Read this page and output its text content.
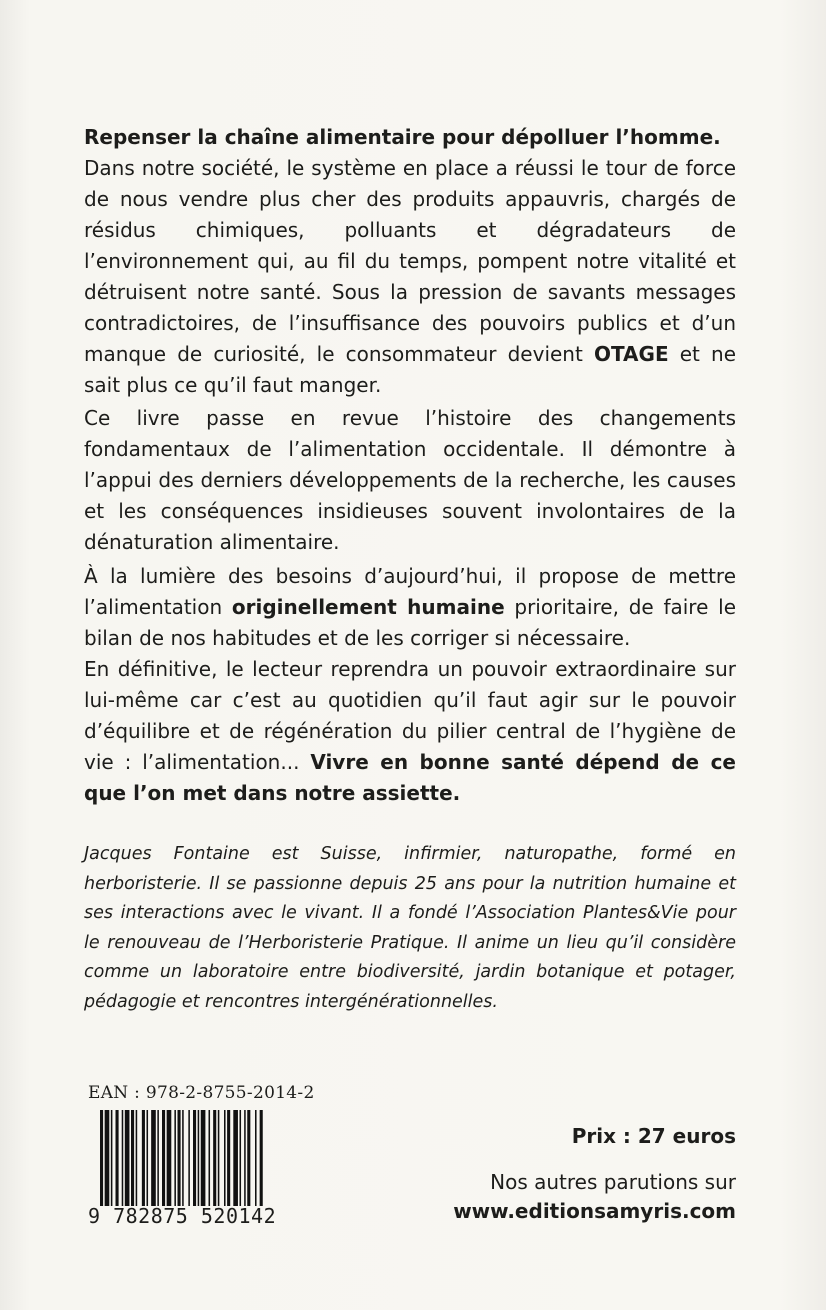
Repenser la chaîne alimentaire pour dépolluer l’homme.
Dans notre société, le système en place a réussi le tour de force de nous vendre plus cher des produits appauvris, chargés de résidus chimiques, polluants et dégradateurs de l’environnement qui, au fil du temps, pompent notre vitalité et détruisent notre santé. Sous la pression de savants messages contradictoires, de l’insuffisance des pouvoirs publics et d’un manque de curiosité, le consommateur devient OTAGE et ne sait plus ce qu’il faut manger.

Ce livre passe en revue l’histoire des changements fondamentaux de l’alimentation occidentale. Il démontre à l’appui des derniers développements de la recherche, les causes et les conséquences insidieuses souvent involontaires de la dénaturation alimentaire.

À la lumière des besoins d’aujourd’hui, il propose de mettre l’alimentation originellement humaine prioritaire, de faire le bilan de nos habitudes et de les corriger si nécessaire.

En définitive, le lecteur reprendra un pouvoir extraordinaire sur lui-même car c’est au quotidien qu’il faut agir sur le pouvoir d’équilibre et de régénération du pilier central de l’hygiène de vie : l’alimentation... Vivre en bonne santé dépend de ce que l’on met dans notre assiette.

Jacques Fontaine est Suisse, infirmier, naturopathe, formé en herboristerie. Il se passionne depuis 25 ans pour la nutrition humaine et ses interactions avec le vivant. Il a fondé l’Association Plantes&Vie pour le renouveau de l’Herboristerie Pratique. Il anime un lieu qu’il considère comme un laboratoire entre biodiversité, jardin botanique et potager, pédagogie et rencontres intergénérationnelles.
EAN : 978-2-8755-2014-2
9 782875 520142
Prix : 27 euros
Nos autres parutions sur
www.editionsamyris.com
